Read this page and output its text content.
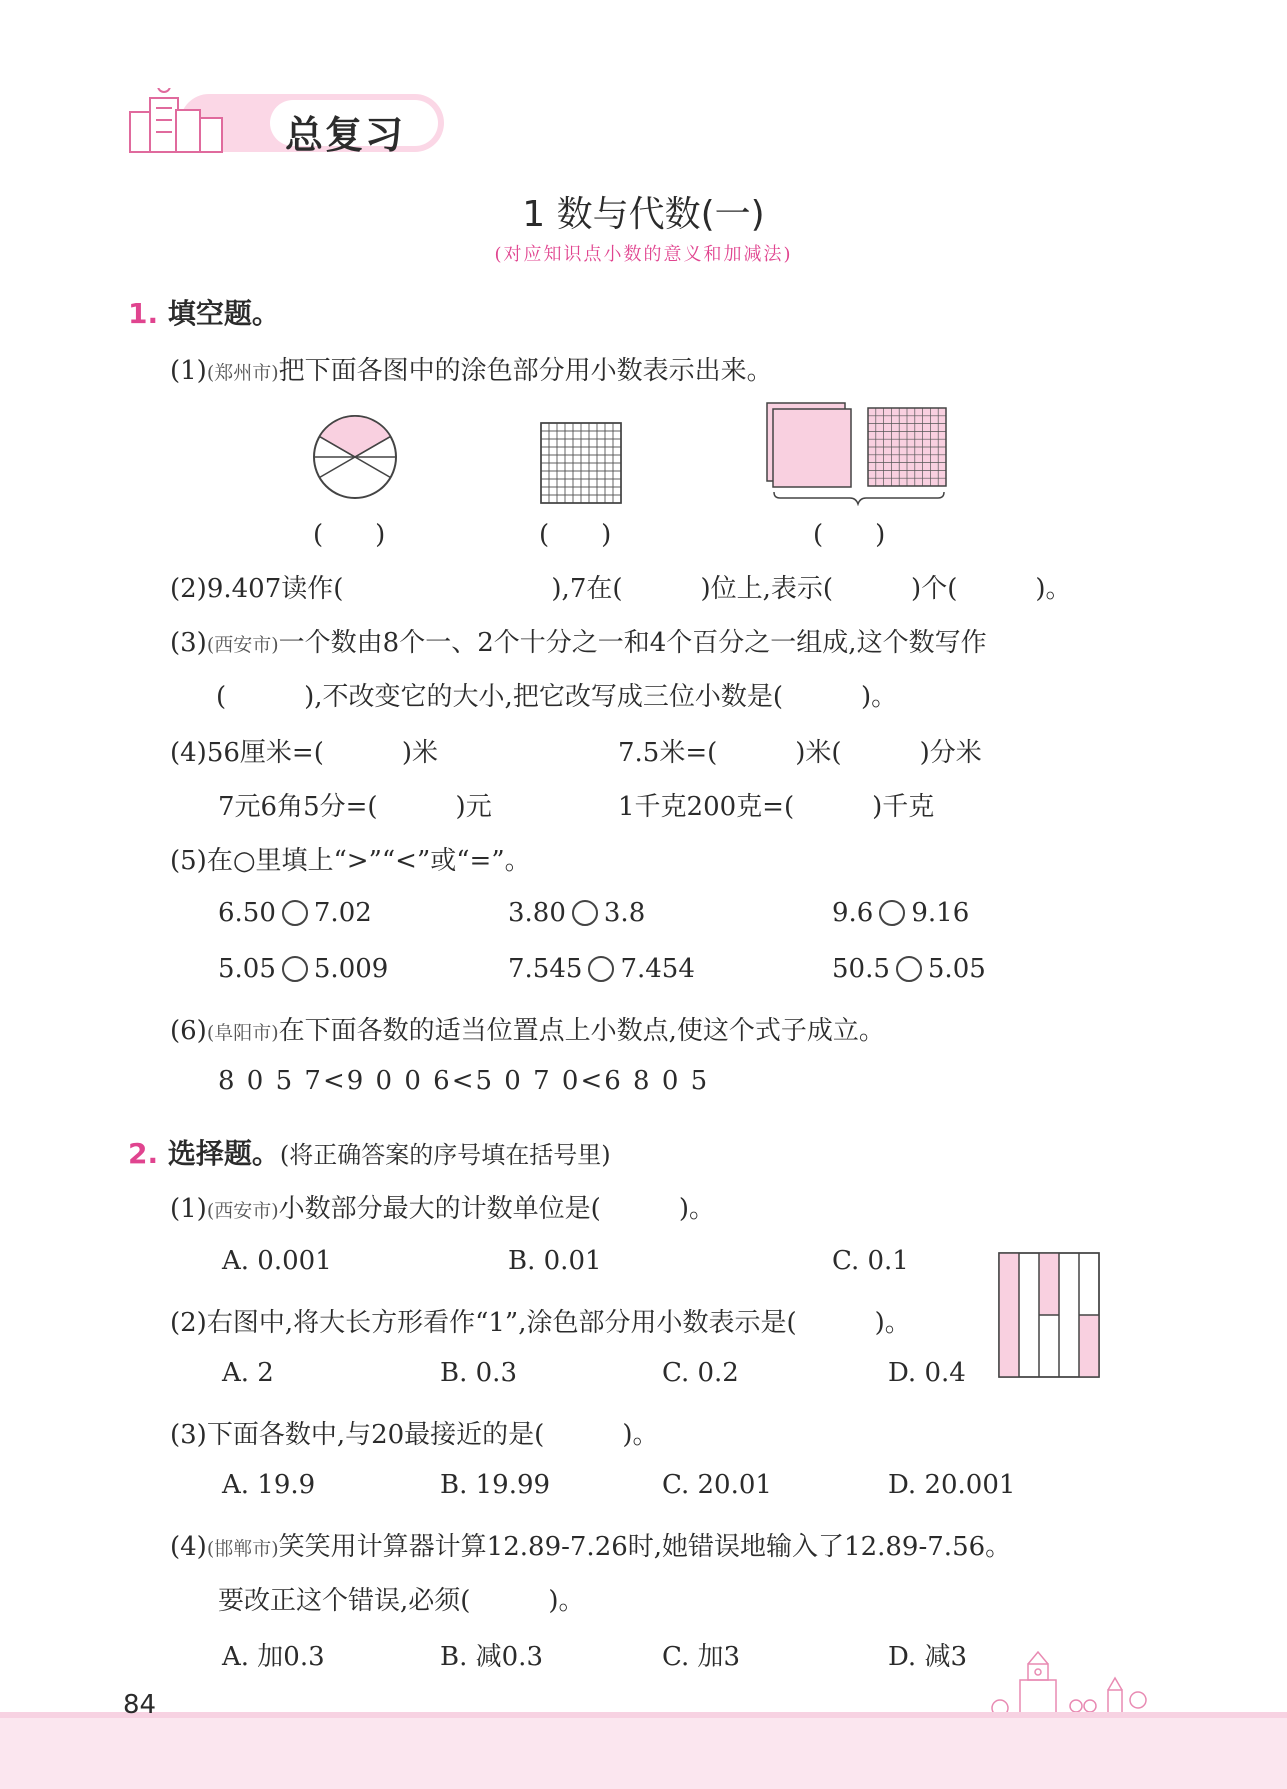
总复习
1 数与代数(一)
(对应知识点小数的意义和加减法)
1. 填空题。
(1)(郑州市)把下面各图中的涂色部分用小数表示出来。
(　　)	(　　)	(　　)
(2)9.407读作(　　　　　　　　),7在(　　　)位上,表示(　　　)个(　　　)。
(3)(西安市)一个数由8个一、2个十分之一和4个百分之一组成,这个数写作
(　　　),不改变它的大小,把它改写成三位小数是(　　　)。
(4)56厘米=(　　　)米	7.5米=(　　　)米(　　　)分米
7元6角5分=(　　　)元	1千克200克=(　　　)千克
(5)在○里填上“>”“<”或“=”。
6.50 7.02	3.80 3.8	9.6 9.16
5.05 5.009	7.545 7.454	50.5 5.05
(6)(阜阳市)在下面各数的适当位置点上小数点,使这个式子成立。
8 0 5 7<9 0 0 6<5 0 7 0<6 8 0 5
2. 选择题。(将正确答案的序号填在括号里)
(1)(西安市)小数部分最大的计数单位是(　　　)。
A. 0.001	B. 0.01	C. 0.1
(2)右图中,将大长方形看作“1”,涂色部分用小数表示是(　　　)。
A. 2	B. 0.3	C. 0.2	D. 0.4
(3)下面各数中,与20最接近的是(　　　)。
A. 19.9	B. 19.99	C. 20.01	D. 20.001
(4)(邯郸市)笑笑用计算器计算12.89-7.26时,她错误地输入了12.89-7.56。
要改正这个错误,必须(　　　)。
A. 加0.3	B. 减0.3	C. 加3	D. 减3
84
